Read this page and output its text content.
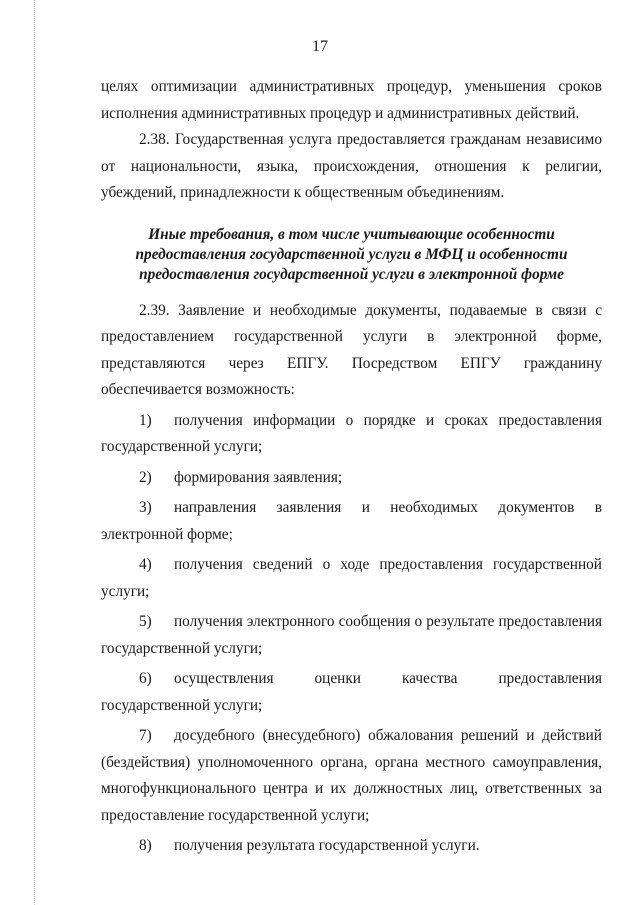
17

целях оптимизации административных процедур, уменьшения сроков исполнения административных процедур и административных действий.

2.38. Государственная услуга предоставляется гражданам независимо от национальности, языка, происхождения, отношения к религии, убеждений, принадлежности к общественным объединениям.

Иные требования, в том числе учитывающие особенности
предоставления государственной услуги в МФЦ и особенности
предоставления государственной услуги в электронной форме

2.39. Заявление и необходимые документы, подаваемые в связи с предоставлением государственной услуги в электронной форме, представляются через ЕПГУ. Посредством ЕПГУ гражданину обеспечивается возможность:

1) получения информации о порядке и сроках предоставления государственной услуги;

2) формирования заявления;

3) направления заявления и необходимых документов в электронной форме;

4) получения сведений о ходе предоставления государственной услуги;

5) получения электронного сообщения о результате предоставления государственной услуги;

6) осуществления оценки качества предоставления государственной услуги;

7) досудебного (внесудебного) обжалования решений и действий (бездействия) уполномоченного органа, органа местного самоуправления, многофункционального центра и их должностных лиц, ответственных за предоставление государственной услуги;

8) получения результата государственной услуги.
